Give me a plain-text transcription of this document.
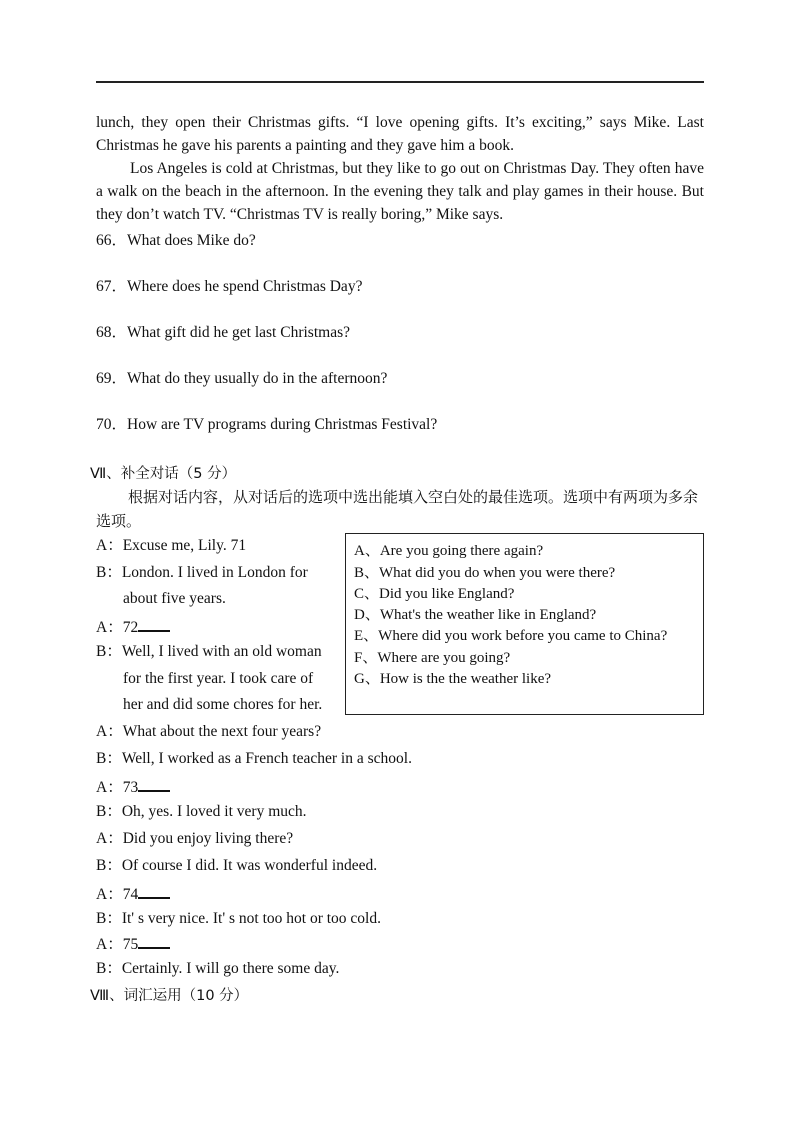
lunch, they open their Christmas gifts. “I love opening gifts. It’s exciting,” says Mike. Last Christmas he gave his parents a painting and they gave him a book.
Los Angeles is cold at Christmas, but they like to go out on Christmas Day. They often have a walk on the beach in the afternoon. In the evening they talk and play games in their house. But they don’t watch TV. “Christmas TV is really boring,” Mike says.
66．What does Mike do?
67．Where does he spend Christmas Day?
68．What gift did he get last Christmas?
69．What do they usually do in the afternoon?
70．How are TV programs during Christmas Festival?
Ⅶ、补全对话（5 分）
根据对话内容，从对话后的选项中选出能填入空白处的最佳选项。选项中有两项为多余选项。
A：Excuse me, Lily. 71
B：London. I lived in London for
about five years.
A：72
B：Well, I lived with an old woman
for the first year. I took care of
her and did some chores for her.
A：What about the next four years?
B：Well, I worked as a French teacher in a school.
A：73
B：Oh, yes. I loved it very much.
A：Did you enjoy living there?
B：Of course I did. It was wonderful indeed.
A：74
B：It' s very nice. It' s not too hot or too cold.
A：75
B：Certainly. I will go there some day.
A、Are you going there again?
B、What did you do when you were there?
C、Did you like England?
D、What's the weather like in England?
E、Where did you work before you came to China?
F、Where are you going?
G、How is the the weather like?
Ⅷ、词汇运用（10 分）
